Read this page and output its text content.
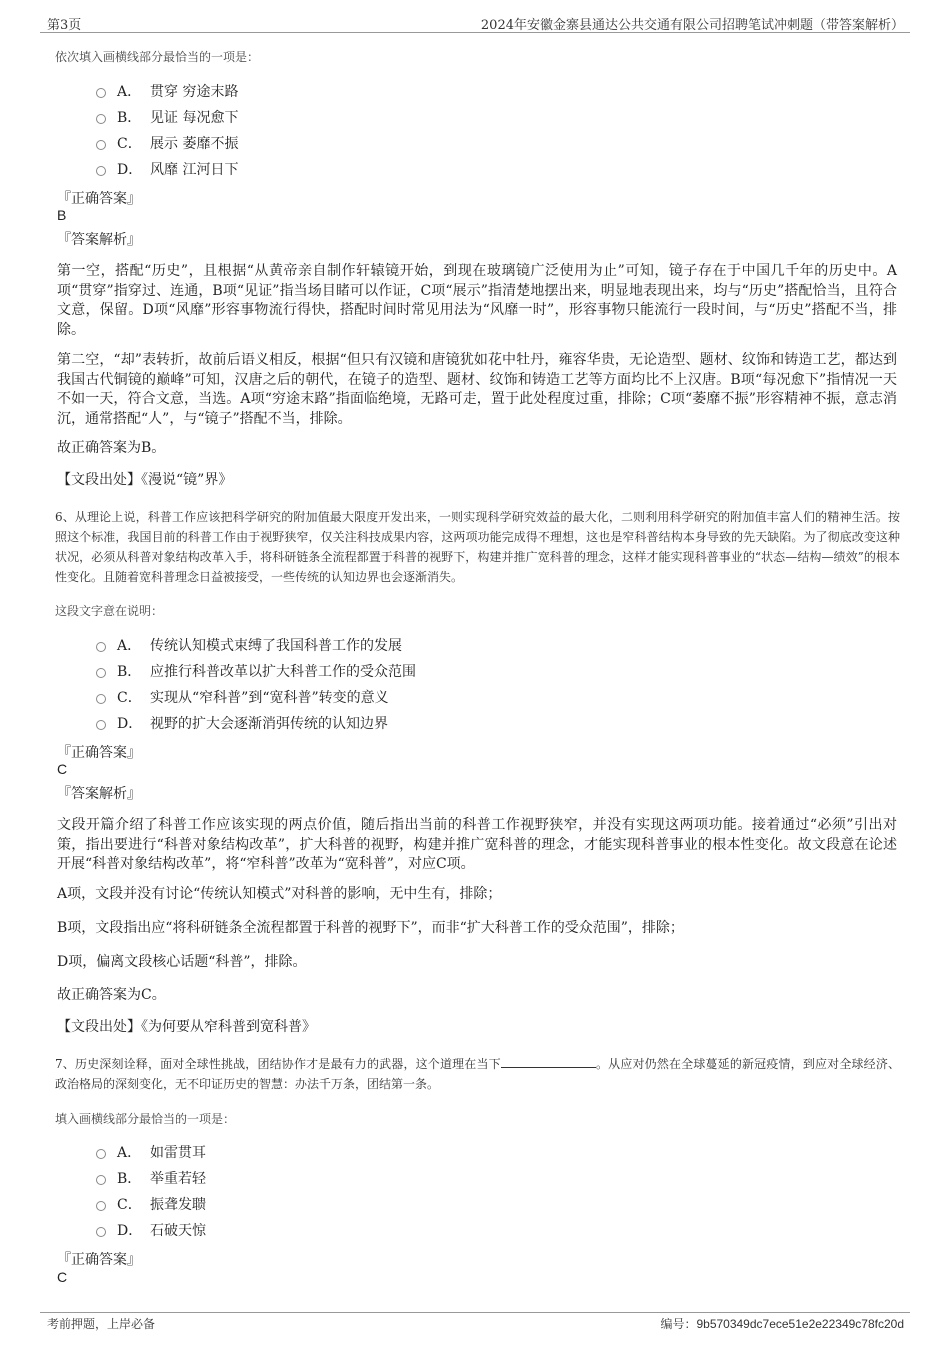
第3页	2024年安徽金寨县通达公共交通有限公司招聘笔试冲刺题（带答案解析）
依次填入画横线部分最恰当的一项是：
A． 贯穿 穷途末路
B． 见证 每况愈下
C． 展示 萎靡不振
D． 风靡 江河日下
『正确答案』
B
『答案解析』
第一空，搭配“历史”，且根据“从黄帝亲自制作轩辕镜开始，到现在玻璃镜广泛使用为止”可知，镜子存在于中国几千年的历史中。A项“贯穿”指穿过、连通，B项“见证”指当场目睹可以作证，C项“展示”指清楚地摆出来，明显地表现出来，均与“历史”搭配恰当，且符合文意，保留。D项“风靡”形容事物流行得快，搭配时间时常见用法为“风靡一时”，形容事物只能流行一段时间，与“历史”搭配不当，排除。
第二空，“却”表转折，故前后语义相反，根据“但只有汉镜和唐镜犹如花中牡丹，雍容华贵，无论造型、题材、纹饰和铸造工艺，都达到我国古代铜镜的巅峰”可知，汉唐之后的朝代，在镜子的造型、题材、纹饰和铸造工艺等方面均比不上汉唐。B项“每况愈下”指情况一天不如一天，符合文意，当选。A项“穷途末路”指面临绝境，无路可走，置于此处程度过重，排除；C项“萎靡不振”形容精神不振，意志消沉，通常搭配“人”，与“镜子”搭配不当，排除。
故正确答案为B。
【文段出处】《漫说“镜”界》
6、从理论上说，科普工作应该把科学研究的附加值最大限度开发出来，一则实现科学研究效益的最大化，二则利用科学研究的附加值丰富人们的精神生活。按照这个标准，我国目前的科普工作由于视野狭窄，仅关注科技成果内容，这两项功能完成得不理想，这也是窄科普结构本身导致的先天缺陷。为了彻底改变这种状况，必须从科普对象结构改革入手，将科研链条全流程都置于科普的视野下，构建并推广宽科普的理念，这样才能实现科普事业的“状态—结构—绩效”的根本性变化。且随着宽科普理念日益被接受，一些传统的认知边界也会逐渐消失。
这段文字意在说明：
A． 传统认知模式束缚了我国科普工作的发展
B． 应推行科普改革以扩大科普工作的受众范围
C． 实现从“窄科普”到“宽科普”转变的意义
D． 视野的扩大会逐渐消弭传统的认知边界
『正确答案』
C
『答案解析』
文段开篇介绍了科普工作应该实现的两点价值，随后指出当前的科普工作视野狭窄，并没有实现这两项功能。接着通过“必须”引出对策，指出要进行“科普对象结构改革”，扩大科普的视野，构建并推广宽科普的理念，才能实现科普事业的根本性变化。故文段意在论述开展“科普对象结构改革”，将“窄科普”改革为“宽科普”，对应C项。
A项，文段并没有讨论“传统认知模式”对科普的影响，无中生有，排除；
B项，文段指出应“将科研链条全流程都置于科普的视野下”，而非“扩大科普工作的受众范围”，排除；
D项，偏离文段核心话题“科普”，排除。
故正确答案为C。
【文段出处】《为何要从窄科普到宽科普》
7、历史深刻诠释，面对全球性挑战，团结协作才是最有力的武器，这个道理在当下	。从应对仍然在全球蔓延的新冠疫情，到应对全球经济、政治格局的深刻变化，无不印证历史的智慧：办法千万条，团结第一条。
填入画横线部分最恰当的一项是：
A． 如雷贯耳
B． 举重若轻
C． 振聋发聩
D． 石破天惊
『正确答案』
C
考前押题，上岸必备	编号：9b570349dc7ece51e2e22349c78fc20d
